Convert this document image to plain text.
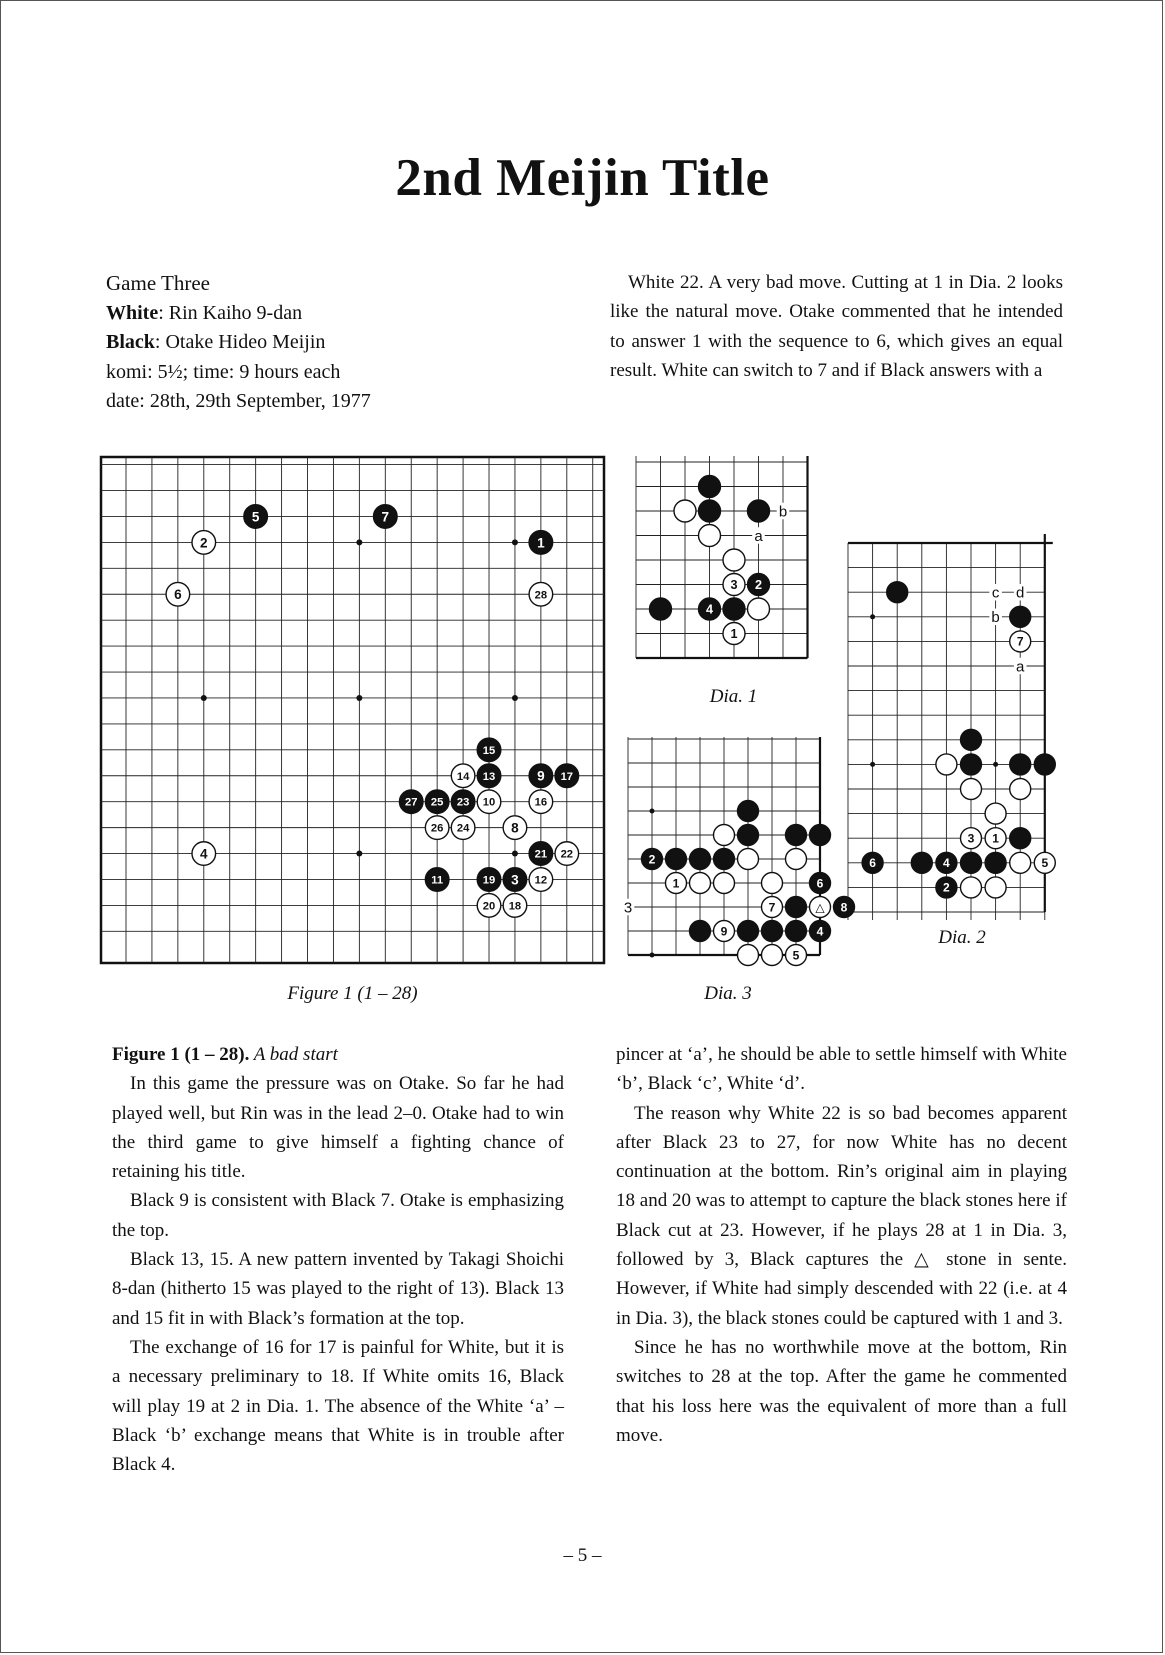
2nd Meijin Title
Game Three
White: Rin Kaiho 9-dan
Black: Otake Hideo Meijin
komi: 5½; time: 9 hours each
date: 28th, 29th September, 1977

White 22. A very bad move. Cutting at 1 in Dia. 2 looks like the natural move. Otake commented that he intended to answer 1 with the sequence to 6, which gives an equal result. White can switch to 7 and if Black answers with a

1
2
3
4
5
6
7
8
9
10
11	12
13
14
15
16
17
18
19
20
21 22
23
24
25
26
27
28
Figure 1 (1 – 28)
b
a
3 2
4
1
Dia. 1
c d
b
a
7
3 1
6	4	5
2
Dia. 2
3
2
1	6
7	△ 8
9	4
5
Dia. 3

Figure 1 (1 – 28). A bad start

In this game the pressure was on Otake. So far he had played well, but Rin was in the lead 2–0. Otake had to win the third game to give himself a fighting chance of retaining his title.

Black 9 is consistent with Black 7. Otake is emphasizing the top.

Black 13, 15. A new pattern invented by Takagi Shoichi 8-dan (hitherto 15 was played to the right of 13). Black 13 and 15 fit in with Black’s formation at the top.

The exchange of 16 for 17 is painful for White, but it is a necessary preliminary to 18. If White omits 16, Black will play 19 at 2 in Dia. 1. The absence of the White ‘a’ – Black ‘b’ exchange means that White is in trouble after Black 4.

pincer at ‘a’, he should be able to settle himself with White ‘b’, Black ‘c’, White ‘d’.

The reason why White 22 is so bad becomes apparent after Black 23 to 27, for now White has no decent continuation at the bottom. Rin’s original aim in playing 18 and 20 was to attempt to capture the black stones here if Black cut at 23. However, if he plays 28 at 1 in Dia. 3, followed by 3, Black captures the △ stone in sente. However, if White had simply descended with 22 (i.e. at 4 in Dia. 3), the black stones could be captured with 1 and 3.

Since he has no worthwhile move at the bottom, Rin switches to 28 at the top. After the game he commented that his loss here was the equivalent of more than a full move.

– 5 –
